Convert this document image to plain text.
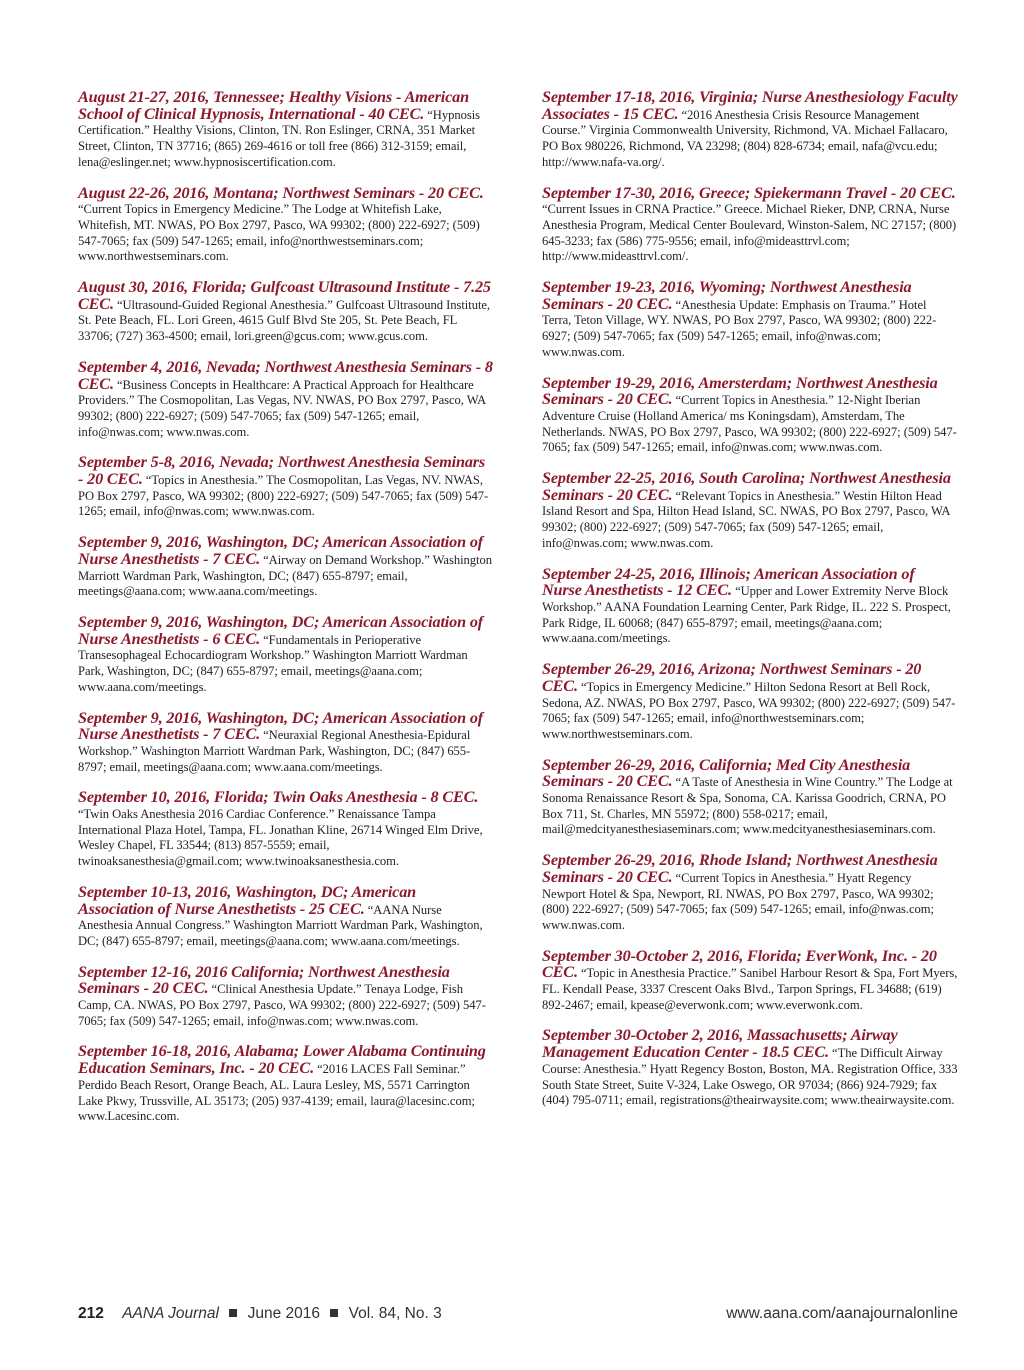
August 21-27, 2016, Tennessee; Healthy Visions - American School of Clinical Hypnosis, International - 40 CEC. “Hypnosis Certification.” Healthy Visions, Clinton, TN. Ron Eslinger, CRNA, 351 Market Street, Clinton, TN 37716; (865) 269-4616 or toll free (866) 312-3159; email, lena@eslinger.net; www.hypnosiscertification.com.

August 22-26, 2016, Montana; Northwest Seminars - 20 CEC. “Current Topics in Emergency Medicine.” The Lodge at Whitefish Lake, Whitefish, MT. NWAS, PO Box 2797, Pasco, WA 99302; (800) 222-6927; (509) 547-7065; fax (509) 547-1265; email, info@northwestseminars.com; www.northwestseminars.com.

August 30, 2016, Florida; Gulfcoast Ultrasound Institute - 7.25 CEC. “Ultrasound-Guided Regional Anesthesia.” Gulfcoast Ultrasound Institute, St. Pete Beach, FL. Lori Green, 4615 Gulf Blvd Ste 205, St. Pete Beach, FL 33706; (727) 363-4500; email, lori.green@gcus.com; www.gcus.com.

September 4, 2016, Nevada; Northwest Anesthesia Seminars - 8 CEC. “Business Concepts in Healthcare: A Practical Approach for Healthcare Providers.” The Cosmopolitan, Las Vegas, NV. NWAS, PO Box 2797, Pasco, WA 99302; (800) 222-6927; (509) 547-7065; fax (509) 547-1265; email, info@nwas.com; www.nwas.com.

September 5-8, 2016, Nevada; Northwest Anesthesia Seminars - 20 CEC. “Topics in Anesthesia.” The Cosmopolitan, Las Vegas, NV. NWAS, PO Box 2797, Pasco, WA 99302; (800) 222-6927; (509) 547-7065; fax (509) 547-1265; email, info@nwas.com; www.nwas.com.

September 9, 2016, Washington, DC; American Association of Nurse Anesthetists - 7 CEC. “Airway on Demand Workshop.” Washington Marriott Wardman Park, Washington, DC; (847) 655-8797; email, meetings@aana.com; www.aana.com/meetings.

September 9, 2016, Washington, DC; American Association of Nurse Anesthetists - 6 CEC. “Fundamentals in Perioperative Transesophageal Echocardiogram Workshop.” Washington Marriott Wardman Park, Washington, DC; (847) 655-8797; email, meetings@aana.com; www.aana.com/meetings.

September 9, 2016, Washington, DC; American Association of Nurse Anesthetists - 7 CEC. “Neuraxial Regional Anesthesia-Epidural Workshop.” Washington Marriott Wardman Park, Washington, DC; (847) 655-8797; email, meetings@aana.com; www.aana.com/meetings.

September 10, 2016, Florida; Twin Oaks Anesthesia - 8 CEC. “Twin Oaks Anesthesia 2016 Cardiac Conference.” Renaissance Tampa International Plaza Hotel, Tampa, FL. Jonathan Kline, 26714 Winged Elm Drive, Wesley Chapel, FL 33544; (813) 857-5559; email, twinoaksanesthesia@gmail.com; www.twinoaksanesthesia.com.

September 10-13, 2016, Washington, DC; American Association of Nurse Anesthetists - 25 CEC. “AANA Nurse Anesthesia Annual Congress.” Washington Marriott Wardman Park, Washington, DC; (847) 655-8797; email, meetings@aana.com; www.aana.com/meetings.

September 12-16, 2016 California; Northwest Anesthesia Seminars - 20 CEC. “Clinical Anesthesia Update.” Tenaya Lodge, Fish Camp, CA. NWAS, PO Box 2797, Pasco, WA 99302; (800) 222-6927; (509) 547-7065; fax (509) 547-1265; email, info@nwas.com; www.nwas.com.

September 16-18, 2016, Alabama; Lower Alabama Continuing Education Seminars, Inc. - 20 CEC. “2016 LACES Fall Seminar.” Perdido Beach Resort, Orange Beach, AL. Laura Lesley, MS, 5571 Carrington Lake Pkwy, Trussville, AL 35173; (205) 937-4139; email, laura@lacesinc.com; www.Lacesinc.com.

September 17-18, 2016, Virginia; Nurse Anesthesiology Faculty Associates - 15 CEC. “2016 Anesthesia Crisis Resource Management Course.” Virginia Commonwealth University, Richmond, VA. Michael Fallacaro, PO Box 980226, Richmond, VA 23298; (804) 828-6734; email, nafa@vcu.edu; http://www.nafa-va.org/.

September 17-30, 2016, Greece; Spiekermann Travel - 20 CEC. “Current Issues in CRNA Practice.” Greece. Michael Rieker, DNP, CRNA, Nurse Anesthesia Program, Medical Center Boulevard, Winston-Salem, NC 27157; (800) 645-3233; fax (586) 775-9556; email, info@mideasttrvl.com; http://www.mideasttrvl.com/.

September 19-23, 2016, Wyoming; Northwest Anesthesia Seminars - 20 CEC. “Anesthesia Update: Emphasis on Trauma.” Hotel Terra, Teton Village, WY. NWAS, PO Box 2797, Pasco, WA 99302; (800) 222-6927; (509) 547-7065; fax (509) 547-1265; email, info@nwas.com; www.nwas.com.

September 19-29, 2016, Amersterdam; Northwest Anesthesia Seminars - 20 CEC. “Current Topics in Anesthesia.” 12-Night Iberian Adventure Cruise (Holland America/ ms Koningsdam), Amsterdam, The Netherlands. NWAS, PO Box 2797, Pasco, WA 99302; (800) 222-6927; (509) 547-7065; fax (509) 547-1265; email, info@nwas.com; www.nwas.com.

September 22-25, 2016, South Carolina; Northwest Anesthesia Seminars - 20 CEC. “Relevant Topics in Anesthesia.” Westin Hilton Head Island Resort and Spa, Hilton Head Island, SC. NWAS, PO Box 2797, Pasco, WA 99302; (800) 222-6927; (509) 547-7065; fax (509) 547-1265; email, info@nwas.com; www.nwas.com.

September 24-25, 2016, Illinois; American Association of Nurse Anesthetists - 12 CEC. “Upper and Lower Extremity Nerve Block Workshop.” AANA Foundation Learning Center, Park Ridge, IL. 222 S. Prospect, Park Ridge, IL 60068; (847) 655-8797; email, meetings@aana.com; www.aana.com/meetings.

September 26-29, 2016, Arizona; Northwest Seminars - 20 CEC. “Topics in Emergency Medicine.” Hilton Sedona Resort at Bell Rock, Sedona, AZ. NWAS, PO Box 2797, Pasco, WA 99302; (800) 222-6927; (509) 547-7065; fax (509) 547-1265; email, info@northwestseminars.com; www.northwestseminars.com.

September 26-29, 2016, California; Med City Anesthesia Seminars - 20 CEC. “A Taste of Anesthesia in Wine Country.” The Lodge at Sonoma Renaissance Resort & Spa, Sonoma, CA. Karissa Goodrich, CRNA, PO Box 711, St. Charles, MN 55972; (800) 558-0217; email, mail@medcityanesthesiaseminars.com; www.medcityanesthesiaseminars.com.

September 26-29, 2016, Rhode Island; Northwest Anesthesia Seminars - 20 CEC. “Current Topics in Anesthesia.” Hyatt Regency Newport Hotel & Spa, Newport, RI. NWAS, PO Box 2797, Pasco, WA 99302; (800) 222-6927; (509) 547-7065; fax (509) 547-1265; email, info@nwas.com; www.nwas.com.

September 30-October 2, 2016, Florida; EverWonk, Inc. - 20 CEC. “Topic in Anesthesia Practice.” Sanibel Harbour Resort & Spa, Fort Myers, FL. Kendall Pease, 3337 Crescent Oaks Blvd., Tarpon Springs, FL 34688; (619) 892-2467; email, kpease@everwonk.com; www.everwonk.com.

September 30-October 2, 2016, Massachusetts; Airway Management Education Center - 18.5 CEC. “The Difficult Airway Course: Anesthesia.” Hyatt Regency Boston, Boston, MA. Registration Office, 333 South State Street, Suite V-324, Lake Oswego, OR 97034; (866) 924-7929; fax (404) 795-0711; email, registrations@theairwaysite.com; www.theairwaysite.com.

212 AANA Journal June 2016 Vol. 84, No. 3	www.aana.com/aanajournalonline
